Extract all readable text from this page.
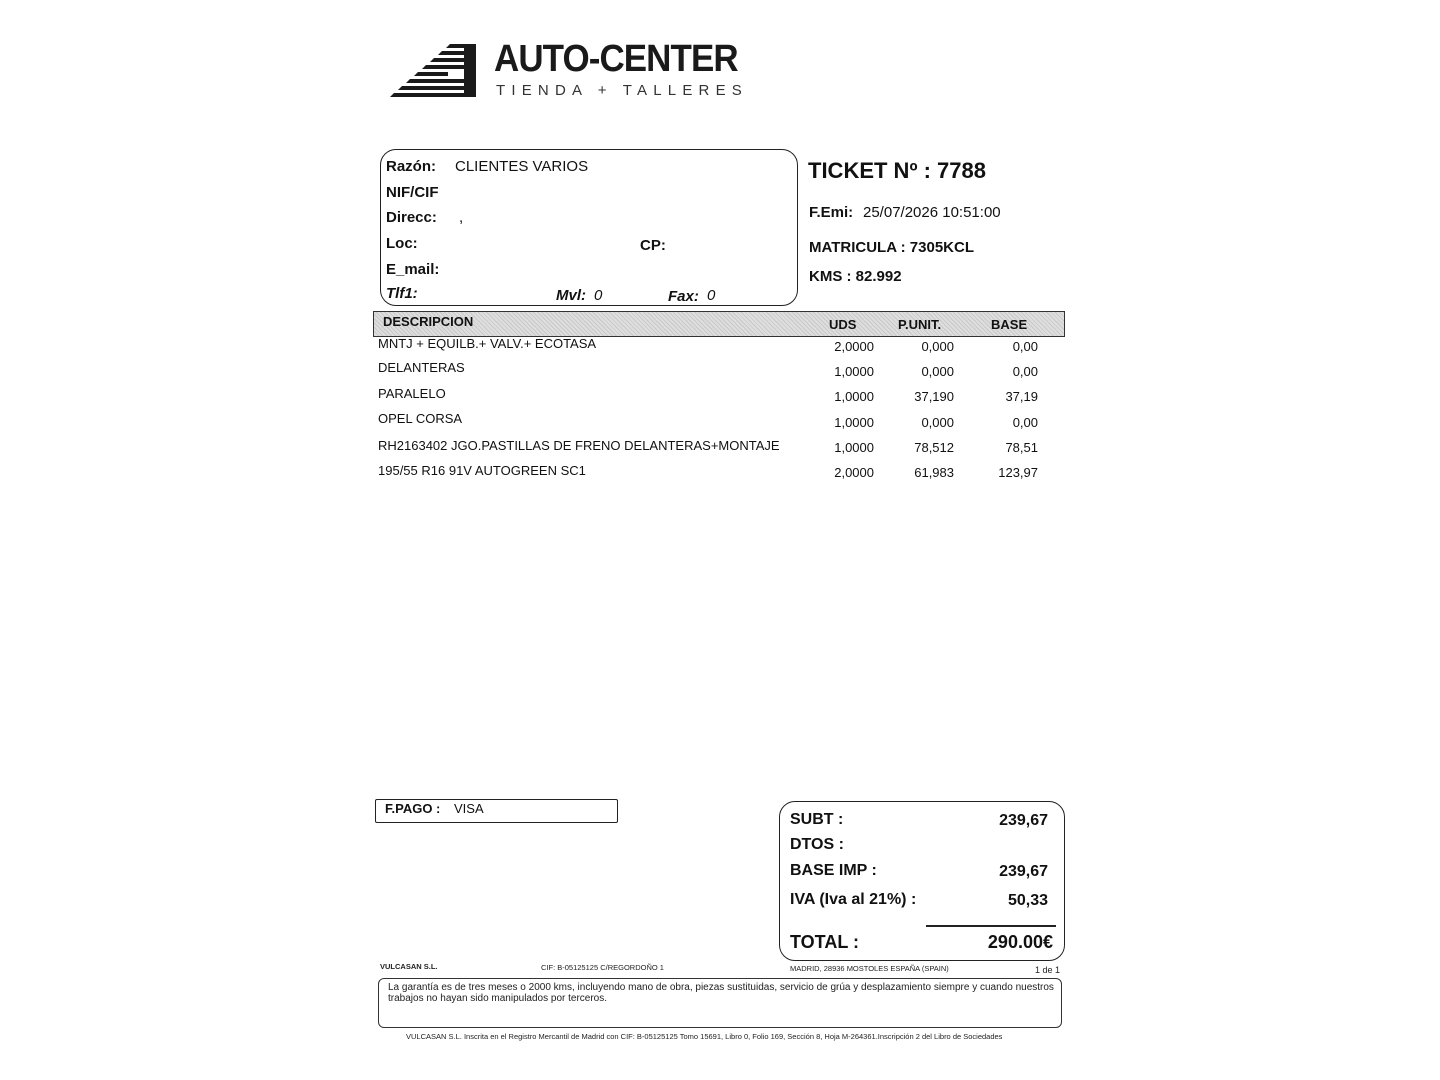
AUTO-CENTER
TIENDA + TALLERES
Razón: CLIENTES VARIOS
NIF/CIF
Direcc: ,
Loc:	CP:
E_mail:
Tlf1:	Mvl: 0	Fax: 0
TICKET Nº : 7788
F.Emi: 25/07/2026 10:51:00
MATRICULA : 7305KCL
KMS : 82.992
DESCRIPCION	UDS	P.UNIT.	BASE
MNTJ + EQUILB.+ VALV.+ ECOTASA	2,0000	0,000	0,00
DELANTERAS	1,0000	0,000	0,00
PARALELO	1,0000	37,190	37,19
OPEL CORSA	1,0000	0,000	0,00
RH2163402 JGO.PASTILLAS DE FRENO DELANTERAS+MONTAJE	1,0000	78,512	78,51
195/55 R16 91V AUTOGREEN SC1	2,0000	61,983	123,97
F.PAGO : VISA
SUBT :	239,67
DTOS :
BASE IMP :	239,67
IVA (Iva al 21%) :	50,33
TOTAL :	290.00€
VULCASAN S.L.	CIF: B-05125125 C/REGORDOÑO 1	MADRID, 28936 MOSTOLES ESPAÑA (SPAIN)	1 de 1
La garantía es de tres meses o 2000 kms, incluyendo mano de obra, piezas sustituidas, servicio de grúa y desplazamiento siempre y cuando nuestros trabajos no hayan sido manipulados por terceros.
VULCASAN S.L. Inscrita en el Registro Mercantil de Madrid con CIF: B-05125125 Tomo 15691, Libro 0, Folio 169, Sección 8, Hoja M-264361.Inscripción 2 del Libro de Sociedades
